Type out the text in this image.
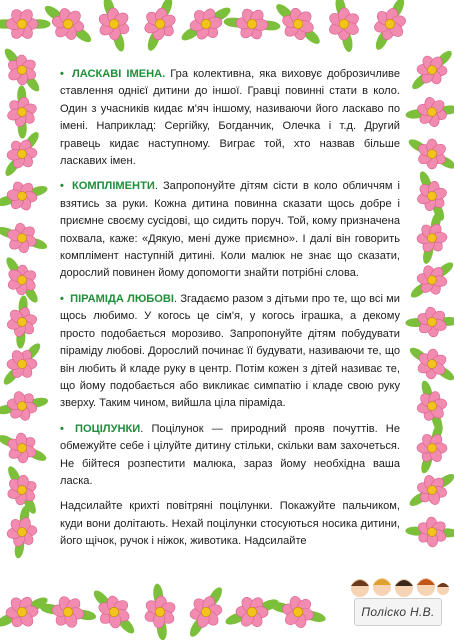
• ЛАСКАВІ ІМЕНА. Гра колективна, яка виховує доброзичливе ставлення однієї дитини до іншої. Гравці повинні стати в коло. Один з учасників кидає м'яч іншому, називаючи його ласкаво по імені. Наприклад: Сергійку, Богданчик, Олечка і т.д. Другий гравець кидає наступному. Виграє той, хто назвав більше ласкавих імен.

• КОМПЛІМЕНТИ. Запропонуйте дітям сісти в коло обличчям і взятись за руки. Кожна дитина повинна сказати щось добре і приємне своєму сусідові, що сидить поруч. Той, кому призначена похвала, каже: «Дякую, мені дуже приємно». І далі він говорить комплімент наступній дитині. Коли малюк не знає що сказати, дорослий повинен йому допомогти знайти потрібні слова.

• ПІРАМІДА ЛЮБОВІ. Згадаємо разом з дітьми про те, що всі ми щось любимо. У когось це сім'я, у когось іграшка, а декому просто подобається морозиво. Запропонуйте дітям побудувати піраміду любові. Дорослий починає її будувати, називаючи те, що він любить й кладе руку в центр. Потім кожен з дітей називає те, що йому подобається або викликає симпатію і кладе свою руку зверху. Таким чином, вийшла ціла піраміда.

• ПОЦІЛУНКИ. Поцілунок — природний прояв почуттів. Не обмежуйте себе і цілуйте дитину стільки, скільки вам захочеться. Не бійтеся розпестити малюка, зараз йому необхідна ваша ласка.

Надсилайте крихті повітряні поцілунки. Покажуйте пальчиком, куди вони долітають. Нехай поцілунки стосуються носика дитини, його щічок, ручок і ніжок, животика. Надсилайте

Поліско Н.В.
